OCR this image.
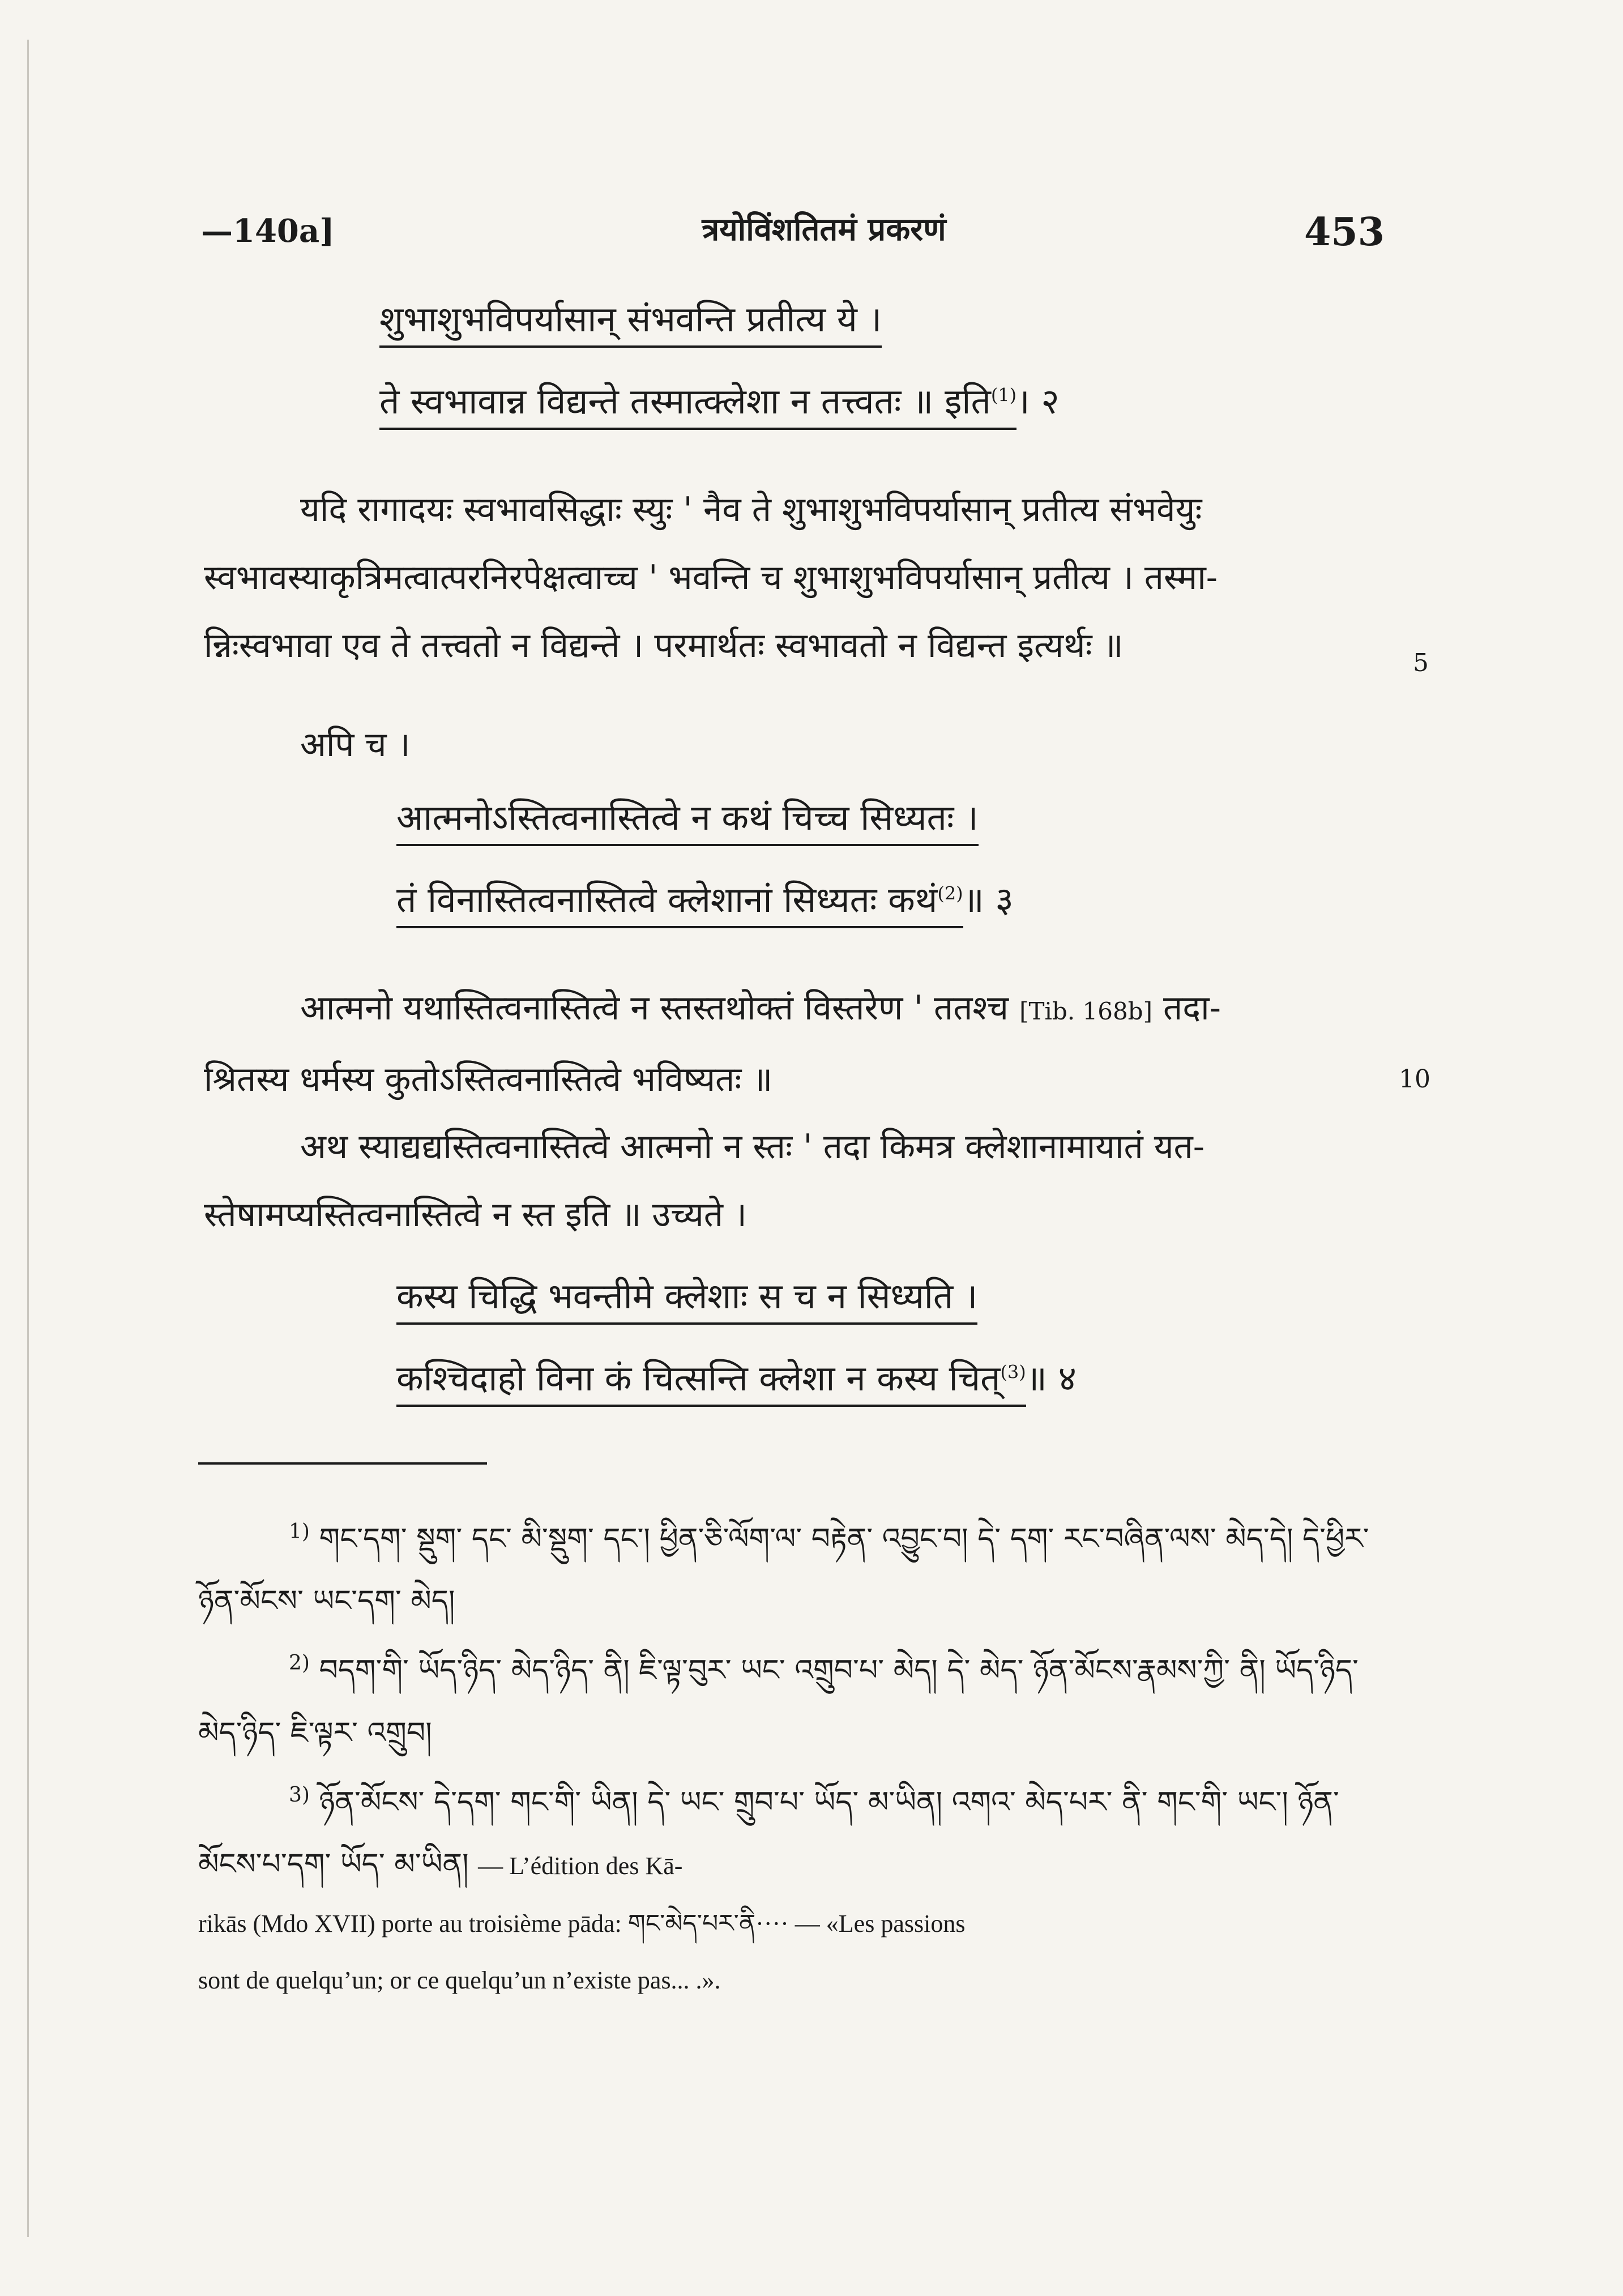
—140a]	त्रयोविंशतितमं प्रकरणं	453
शुभाशुभविपर्यासान् संभवन्ति प्रतीत्य ये ।
ते स्वभावान्न विद्यन्ते तस्मात्क्लेशा न तत्त्वतः ॥ इति$^{(1)}$। २

यदि रागादयः स्वभावसिद्धाः स्युः ' नैव ते शुभाशुभविपर्यासान् प्रतीत्य संभवेयुः

स्वभावस्याकृत्रिमत्वात्परनिरपेक्षत्वाच्च ' भवन्ति च शुभाशुभविपर्यासान् प्रतीत्य । तस्मा-

न्निःस्वभावा एव ते तत्त्वतो न विद्यन्ते । परमार्थतः स्वभावतो न विद्यन्त इत्यर्थः ॥	5

अपि च ।

आत्मनोऽस्तित्वनास्तित्वे न कथं चिच्च सिध्यतः ।
तं विनास्तित्वनास्तित्वे क्लेशानां सिध्यतः कथं$^{(2)}$॥ ३

आत्मनो यथास्तित्वनास्तित्वे न स्तस्तथोक्तं विस्तरेण ' ततश्च [Tib. 168b] तदा-

श्रितस्य धर्मस्य कुतोऽस्तित्वनास्तित्वे भविष्यतः ॥	10

अथ स्याद्यद्यस्तित्वनास्तित्वे आत्मनो न स्तः ' तदा किमत्र क्लेशानामायातं यत-

स्तेषामप्यस्तित्वनास्तित्वे न स्त इति ॥ उच्यते ।

कस्य चिद्धि भवन्तीमे क्लेशाः स च न सिध्यति ।
कश्चिदाहो विना कं चित्सन्ति क्लेशा न कस्य चित्$^{(3)}$॥ ४

$^{1)}$ གང་དག་ སྡུག་ དང་ མི་སྡུག་ དང་། ཕྱིན་ཅི་ལོག་ལ་ བརྟེན་ འབྱུང་བ། དེ་ དག་ རང་བཞིན་ལས་ མེད་དེ། དེ་ཕྱིར་ ཉོན་མོངས་ ཡང་དག་ མེད།

$^{2)}$ བདག་གི་ ཡོད་ཉིད་ མེད་ཉིད་ ནི། ཇི་ལྟ་བུར་ ཡང་ འགྲུབ་པ་ མེད། དེ་ མེད་ ཉོན་མོངས་རྣམས་ཀྱི་ ནི། ཡོད་ཉིད་ མེད་ཉིད་ ཇི་ལྟར་ འགྲུབ།

$^{3)}$ ཉོན་མོངས་ དེ་དག་ གང་གི་ ཡིན། དེ་ ཡང་ གྲུབ་པ་ ཡོད་ མ་ཡིན། འགའ་ མེད་པར་ ནི་ གང་གི་ ཡང་། ཉོན་མོངས་པ་དག་ ཡོད་ མ་ཡིན། — L’édition des Kā-

rikās (Mdo XVII) porte au troisième pāda: གང་མེད་པར་ནི···· — «Les passions

sont de quelqu’un; or ce quelqu’un n’existe pas... .».
